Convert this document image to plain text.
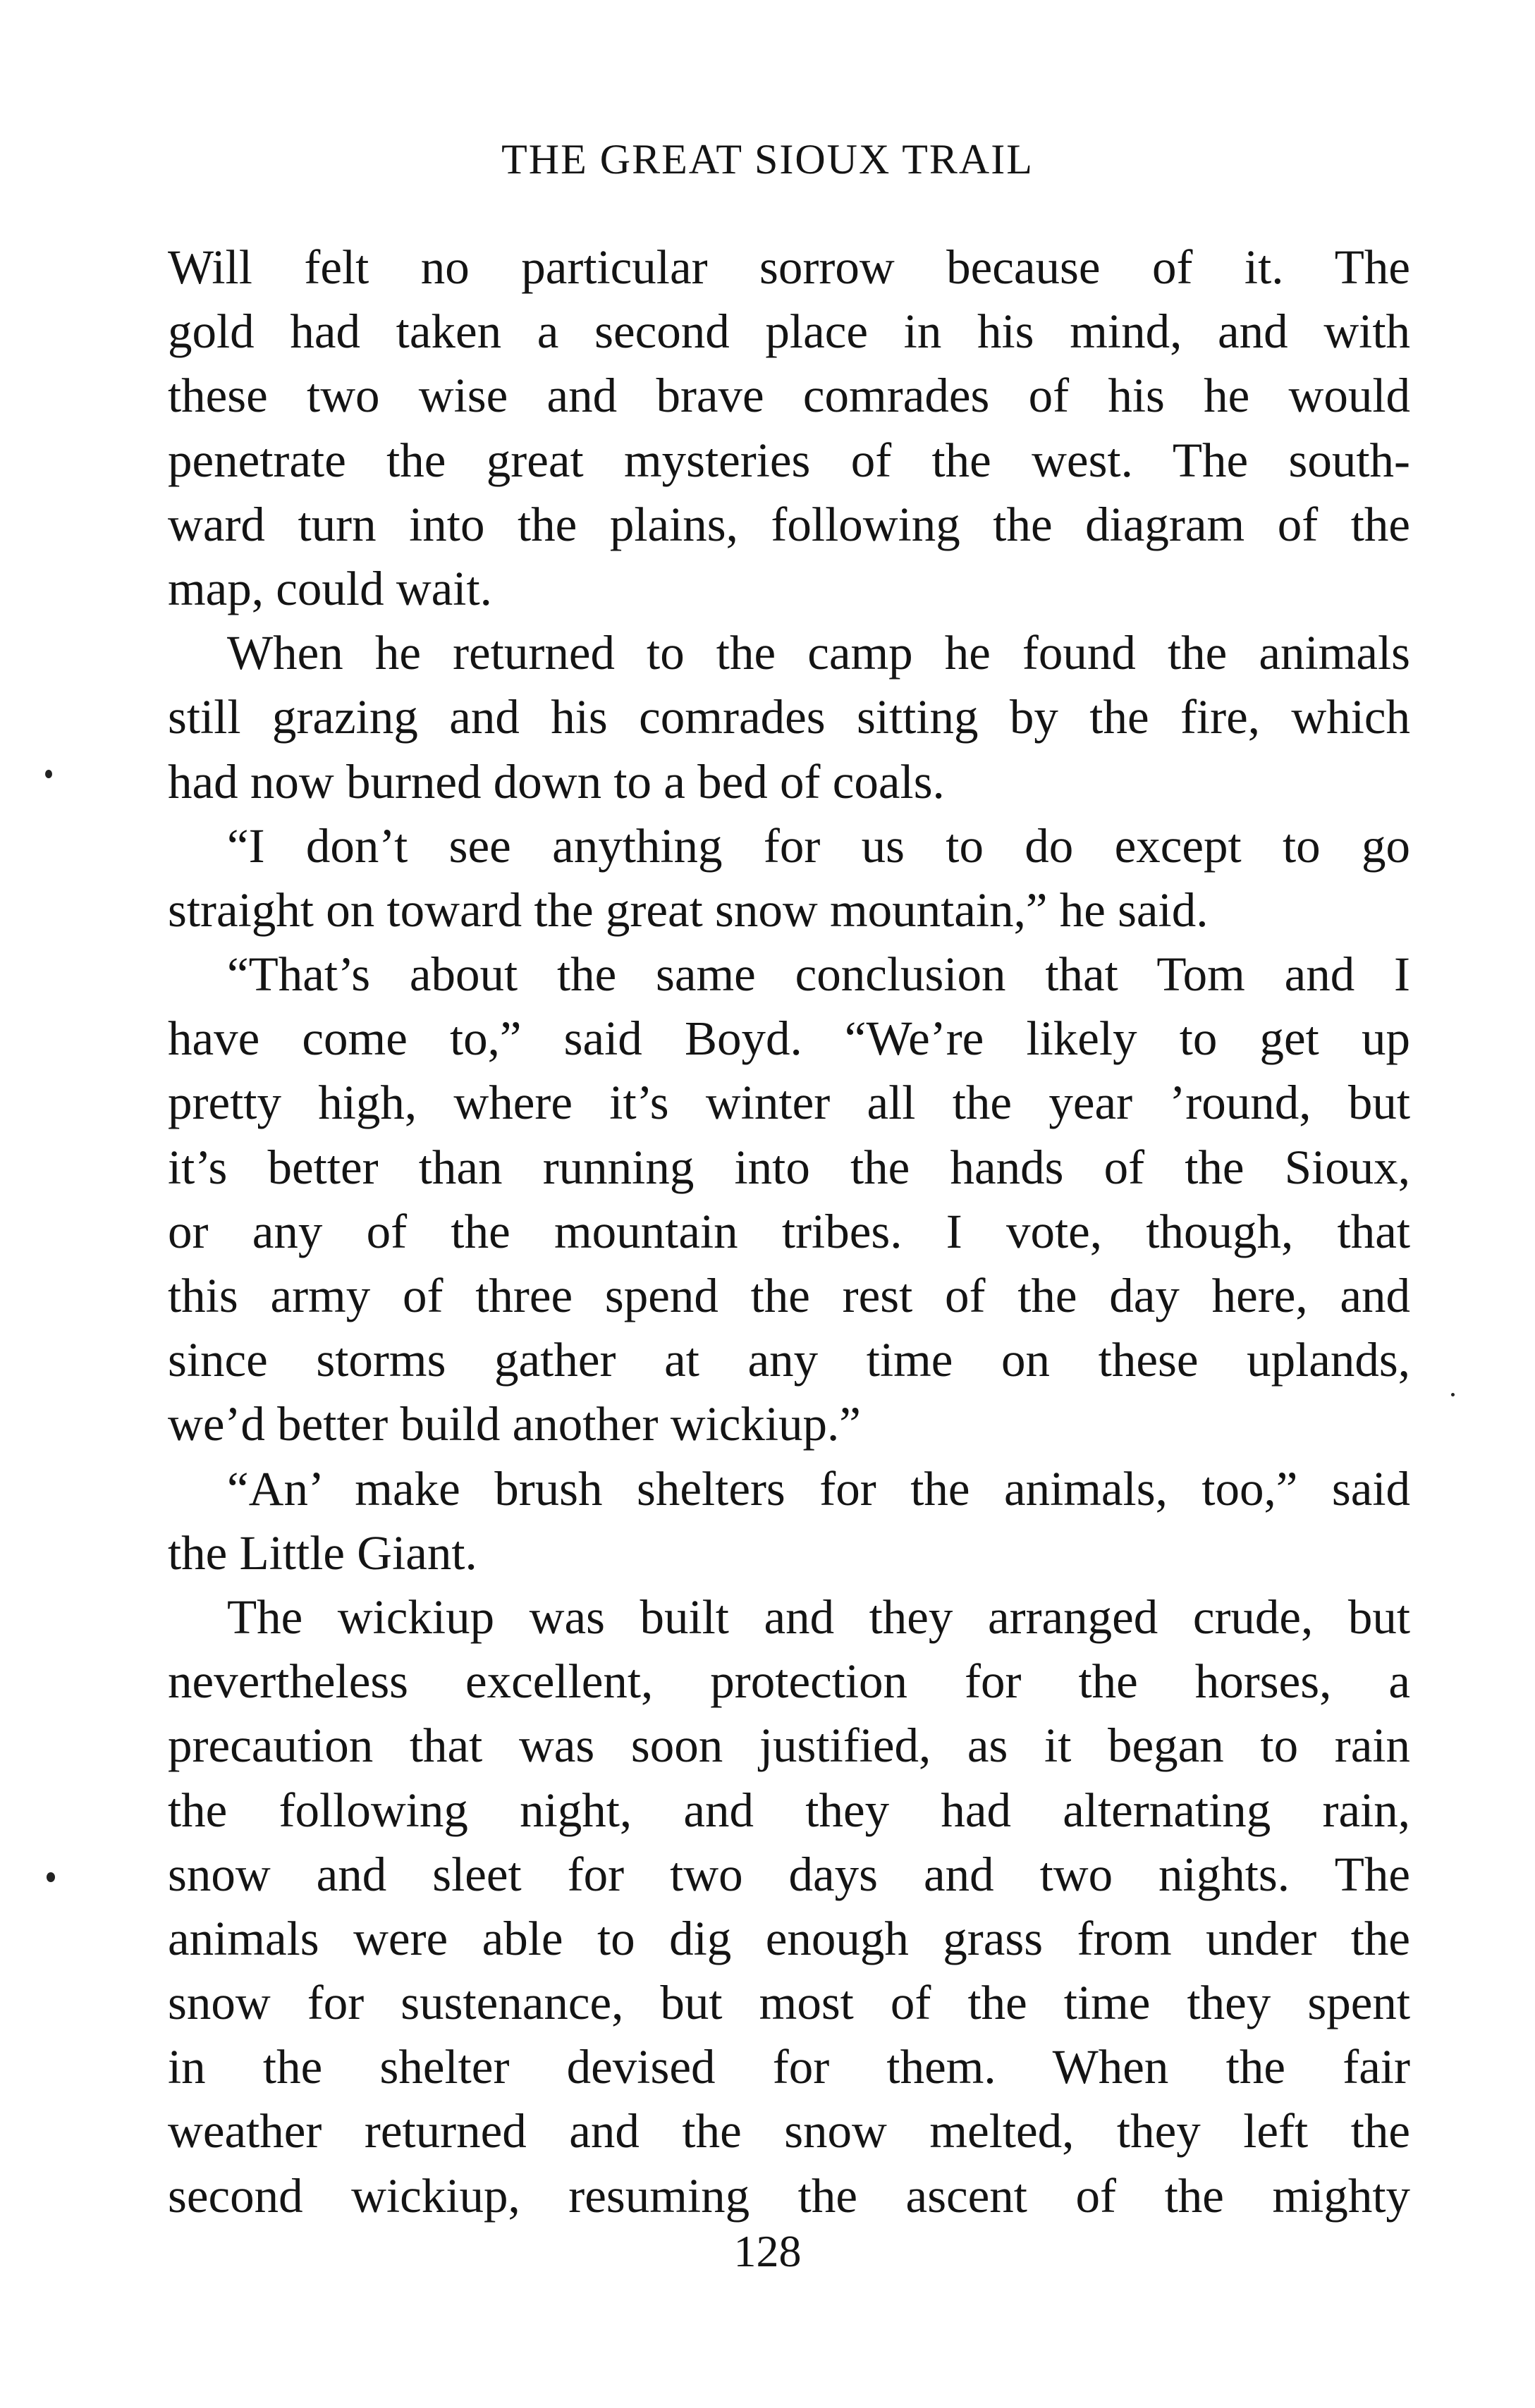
THE GREAT SIOUX TRAIL
Will felt no particular sorrow because of it. The
gold had taken a second place in his mind, and with
these two wise and brave comrades of his he would
penetrate the great mysteries of the west. The south-
ward turn into the plains, following the diagram of the
map, could wait.
When he returned to the camp he found the animals
still grazing and his comrades sitting by the fire, which
had now burned down to a bed of coals.
“I don’t see anything for us to do except to go
straight on toward the great snow mountain,” he said.
“That’s about the same conclusion that Tom and I
have come to,” said Boyd. “We’re likely to get up
pretty high, where it’s winter all the year ’round, but
it’s better than running into the hands of the Sioux,
or any of the mountain tribes. I vote, though, that
this army of three spend the rest of the day here, and
since storms gather at any time on these uplands,
we’d better build another wickiup.”
“An’ make brush shelters for the animals, too,” said
the Little Giant.
The wickiup was built and they arranged crude, but
nevertheless excellent, protection for the horses, a
precaution that was soon justified, as it began to rain
the following night, and they had alternating rain,
snow and sleet for two days and two nights. The
animals were able to dig enough grass from under the
snow for sustenance, but most of the time they spent
in the shelter devised for them. When the fair
weather returned and the snow melted, they left the
second wickiup, resuming the ascent of the mighty
128
